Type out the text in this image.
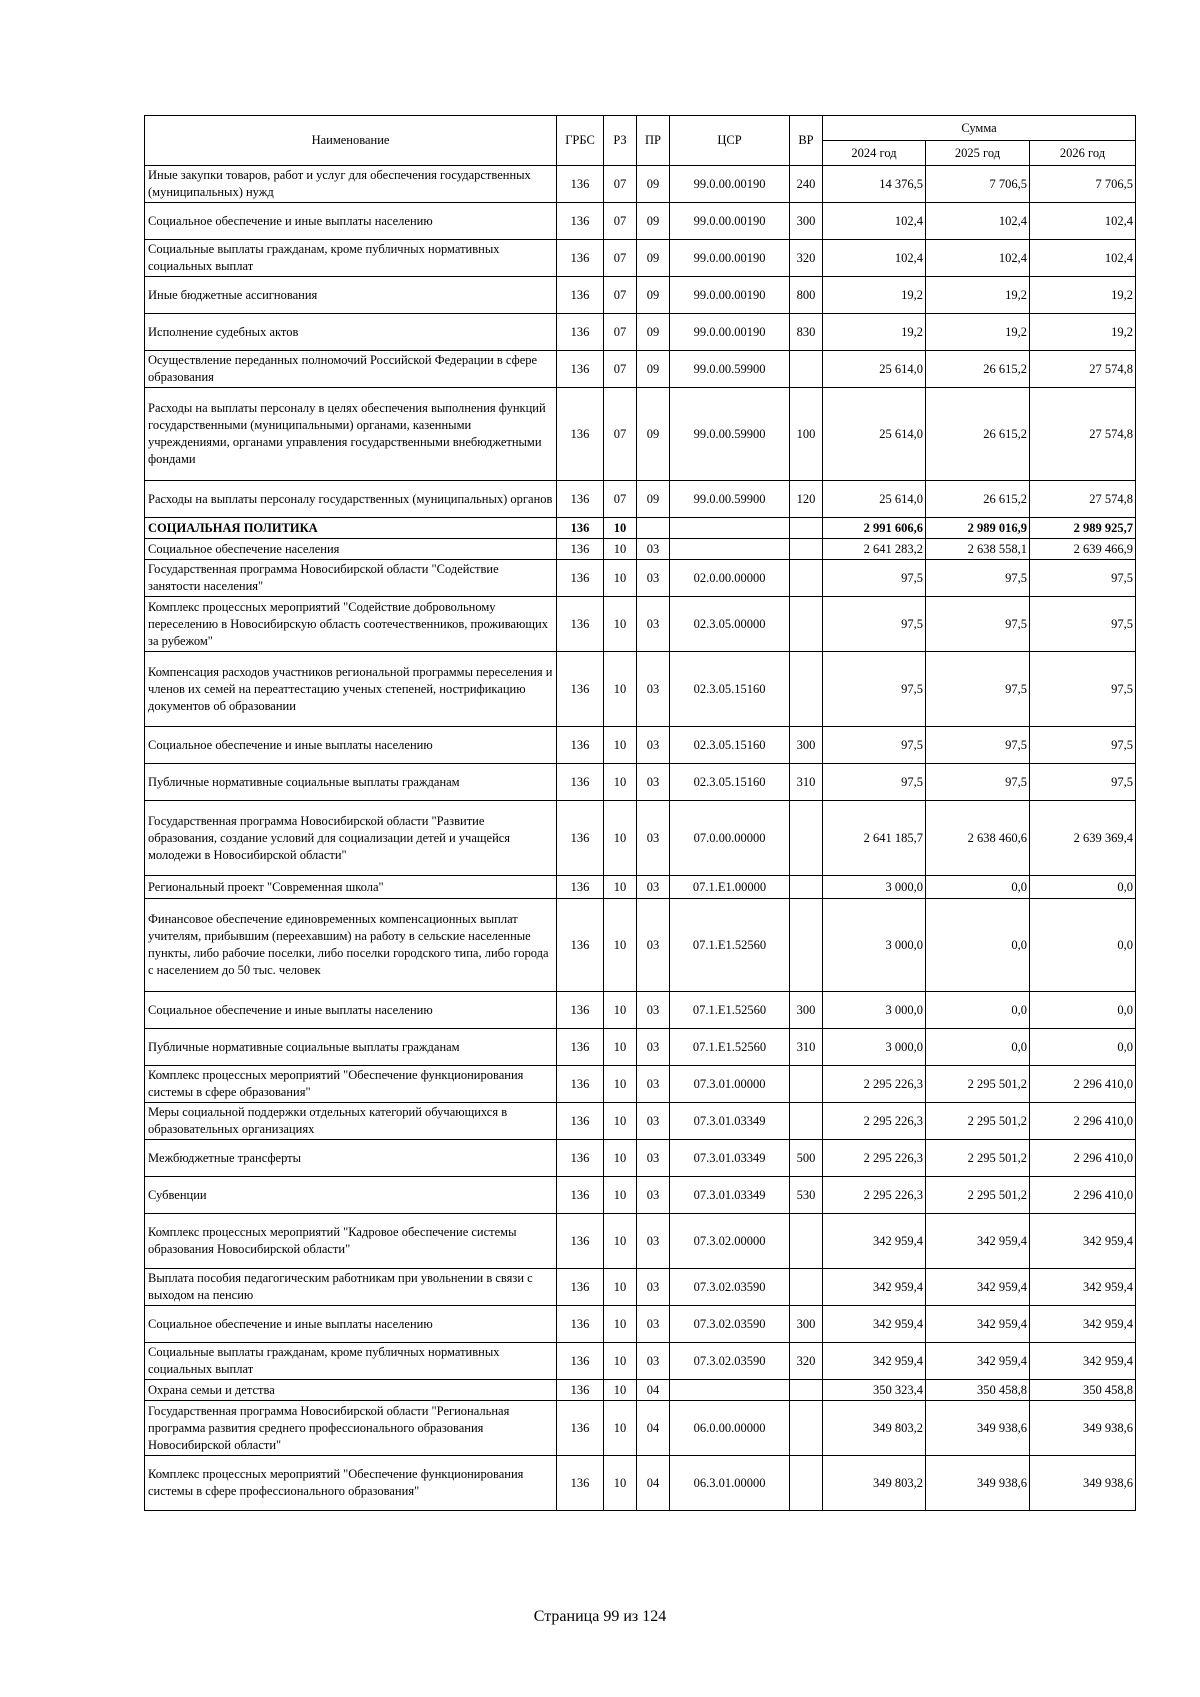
Наименование	ГРБС	РЗ	ПР	ЦСР	ВР	Сумма		
						2024 год	2025 год	2026 год
Иные закупки товаров, работ и услуг для обеспечения государственных (муниципальных) нужд	136	07	09	99.0.00.00190	240	14 376,5	7 706,5	7 706,5
Социальное обеспечение и иные выплаты населению	136	07	09	99.0.00.00190	300	102,4	102,4	102,4
Социальные выплаты гражданам, кроме публичных нормативных социальных выплат	136	07	09	99.0.00.00190	320	102,4	102,4	102,4
Иные бюджетные ассигнования	136	07	09	99.0.00.00190	800	19,2	19,2	19,2
Исполнение судебных актов	136	07	09	99.0.00.00190	830	19,2	19,2	19,2
Осуществление переданных полномочий Российской Федерации в сфере образования	136	07	09	99.0.00.59900		25 614,0	26 615,2	27 574,8
Расходы на выплаты персоналу в целях обеспечения выполнения функций государственными (муниципальными) органами, казенными учреждениями, органами управления государственными внебюджетными фондами	136	07	09	99.0.00.59900	100	25 614,0	26 615,2	27 574,8
Расходы на выплаты персоналу государственных (муниципальных) органов	136	07	09	99.0.00.59900	120	25 614,0	26 615,2	27 574,8
СОЦИАЛЬНАЯ ПОЛИТИКА	136	10				2 991 606,6	2 989 016,9	2 989 925,7
Социальное обеспечение населения	136	10	03			2 641 283,2	2 638 558,1	2 639 466,9
Государственная программа Новосибирской области "Содействие занятости населения"	136	10	03	02.0.00.00000		97,5	97,5	97,5
Комплекс процессных мероприятий "Содействие добровольному переселению в Новосибирскую область соотечественников, проживающих за рубежом"	136	10	03	02.3.05.00000		97,5	97,5	97,5
Компенсация расходов участников региональной программы переселения и членов их семей на переаттестацию ученых степеней, нострификацию документов об образовании	136	10	03	02.3.05.15160		97,5	97,5	97,5
Социальное обеспечение и иные выплаты населению	136	10	03	02.3.05.15160	300	97,5	97,5	97,5
Публичные нормативные социальные выплаты гражданам	136	10	03	02.3.05.15160	310	97,5	97,5	97,5
Государственная программа Новосибирской области "Развитие образования, создание условий для социализации детей и учащейся молодежи в Новосибирской области"	136	10	03	07.0.00.00000		2 641 185,7	2 638 460,6	2 639 369,4
Региональный проект "Современная школа"	136	10	03	07.1.E1.00000		3 000,0	0,0	0,0
Финансовое обеспечение единовременных компенсационных выплат учителям, прибывшим (переехавшим) на работу в сельские населенные пункты, либо рабочие поселки, либо поселки городского типа, либо города с населением до 50 тыс. человек	136	10	03	07.1.E1.52560		3 000,0	0,0	0,0
Социальное обеспечение и иные выплаты населению	136	10	03	07.1.E1.52560	300	3 000,0	0,0	0,0
Публичные нормативные социальные выплаты гражданам	136	10	03	07.1.E1.52560	310	3 000,0	0,0	0,0
Комплекс процессных мероприятий "Обеспечение функционирования системы в сфере образования"	136	10	03	07.3.01.00000		2 295 226,3	2 295 501,2	2 296 410,0
Меры социальной поддержки отдельных категорий обучающихся в образовательных организациях	136	10	03	07.3.01.03349		2 295 226,3	2 295 501,2	2 296 410,0
Межбюджетные трансферты	136	10	03	07.3.01.03349	500	2 295 226,3	2 295 501,2	2 296 410,0
Субвенции	136	10	03	07.3.01.03349	530	2 295 226,3	2 295 501,2	2 296 410,0
Комплекс процессных мероприятий "Кадровое обеспечение системы образования Новосибирской области"	136	10	03	07.3.02.00000		342 959,4	342 959,4	342 959,4
Выплата пособия педагогическим работникам при увольнении в связи с выходом на пенсию	136	10	03	07.3.02.03590		342 959,4	342 959,4	342 959,4
Социальное обеспечение и иные выплаты населению	136	10	03	07.3.02.03590	300	342 959,4	342 959,4	342 959,4
Социальные выплаты гражданам, кроме публичных нормативных социальных выплат	136	10	03	07.3.02.03590	320	342 959,4	342 959,4	342 959,4
Охрана семьи и детства	136	10	04			350 323,4	350 458,8	350 458,8
Государственная программа Новосибирской области "Региональная программа развития среднего профессионального образования Новосибирской области"	136	10	04	06.0.00.00000		349 803,2	349 938,6	349 938,6
Комплекс процессных мероприятий "Обеспечение функционирования системы в сфере профессионального образования"	136	10	04	06.3.01.00000		349 803,2	349 938,6	349 938,6
Страница 99 из 124
